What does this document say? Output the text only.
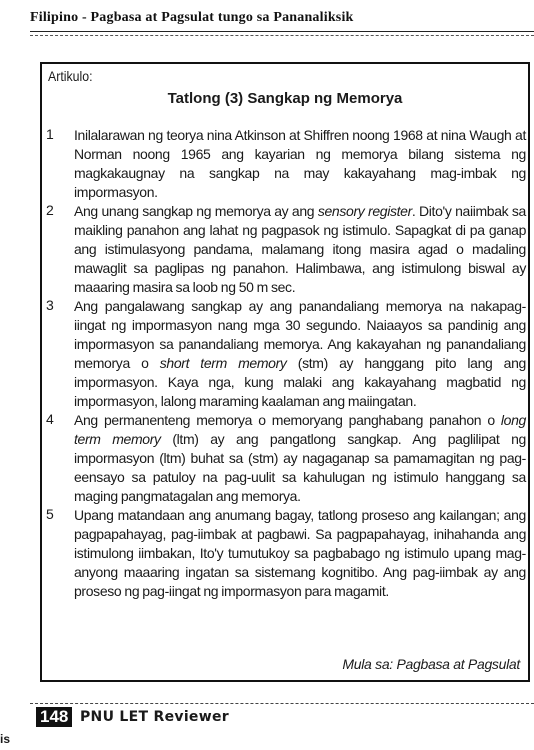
Filipino - Pagbasa at Pagsulat tungo sa Pananaliksik
Artikulo:
Tatlong (3) Sangkap ng Memorya
1 Inilalarawan ng teorya nina Atkinson at Shiffren noong 1968 at nina Waugh at Norman noong 1965 ang kayarian ng memorya bilang sistema ng magkakaugnay na sangkap na may kakayahang mag-imbak ng impormasyon.
2 Ang unang sangkap ng memorya ay ang sensory register. Dito'y naiimbak sa maikling panahon ang lahat ng pagpasok ng istimulo. Sapagkat di pa ganap ang istimulasyong pandama, malamang itong masira agad o madaling mawaglit sa paglipas ng panahon. Halimbawa, ang istimulong biswal ay maaaring masira sa loob ng 50 m sec.
3 Ang pangalawang sangkap ay ang panandaliang memorya na nakapag-iingat ng impormasyon nang mga 30 segundo. Naiaayos sa pandinig ang impormasyon sa panandaliang memorya. Ang kakayahan ng panandaliang memorya o short term memory (stm) ay hanggang pito lang ang impormasyon. Kaya nga, kung malaki ang kakayahang magbatid ng impormasyon, lalong maraming kaalaman ang maiingatan.
4 Ang permanenteng memorya o memoryang panghabang panahon o long term memory (ltm) ay ang pangatlong sangkap. Ang paglilipat ng impormasyon (ltm) buhat sa (stm) ay nagaganap sa pamamagitan ng pag-eensayo sa patuloy na pag-uulit sa kahulugan ng istimulo hanggang sa maging pangmatagalan ang memorya.
5 Upang matandaan ang anumang bagay, tatlong proseso ang kailangan; ang pagpapahayag, pag-iimbak at pagbawi. Sa pagpapahayag, inihahanda ang istimulong iimbakan, Ito'y tumutukoy sa pagbabago ng istimulo upang mag-anyong maaaring ingatan sa sistemang kognitibo. Ang pag-iimbak ay ang proseso ng pag-iingat ng impormasyon para magamit.
Mula sa: Pagbasa at Pagsulat
148 PNU LET Reviewer
is
